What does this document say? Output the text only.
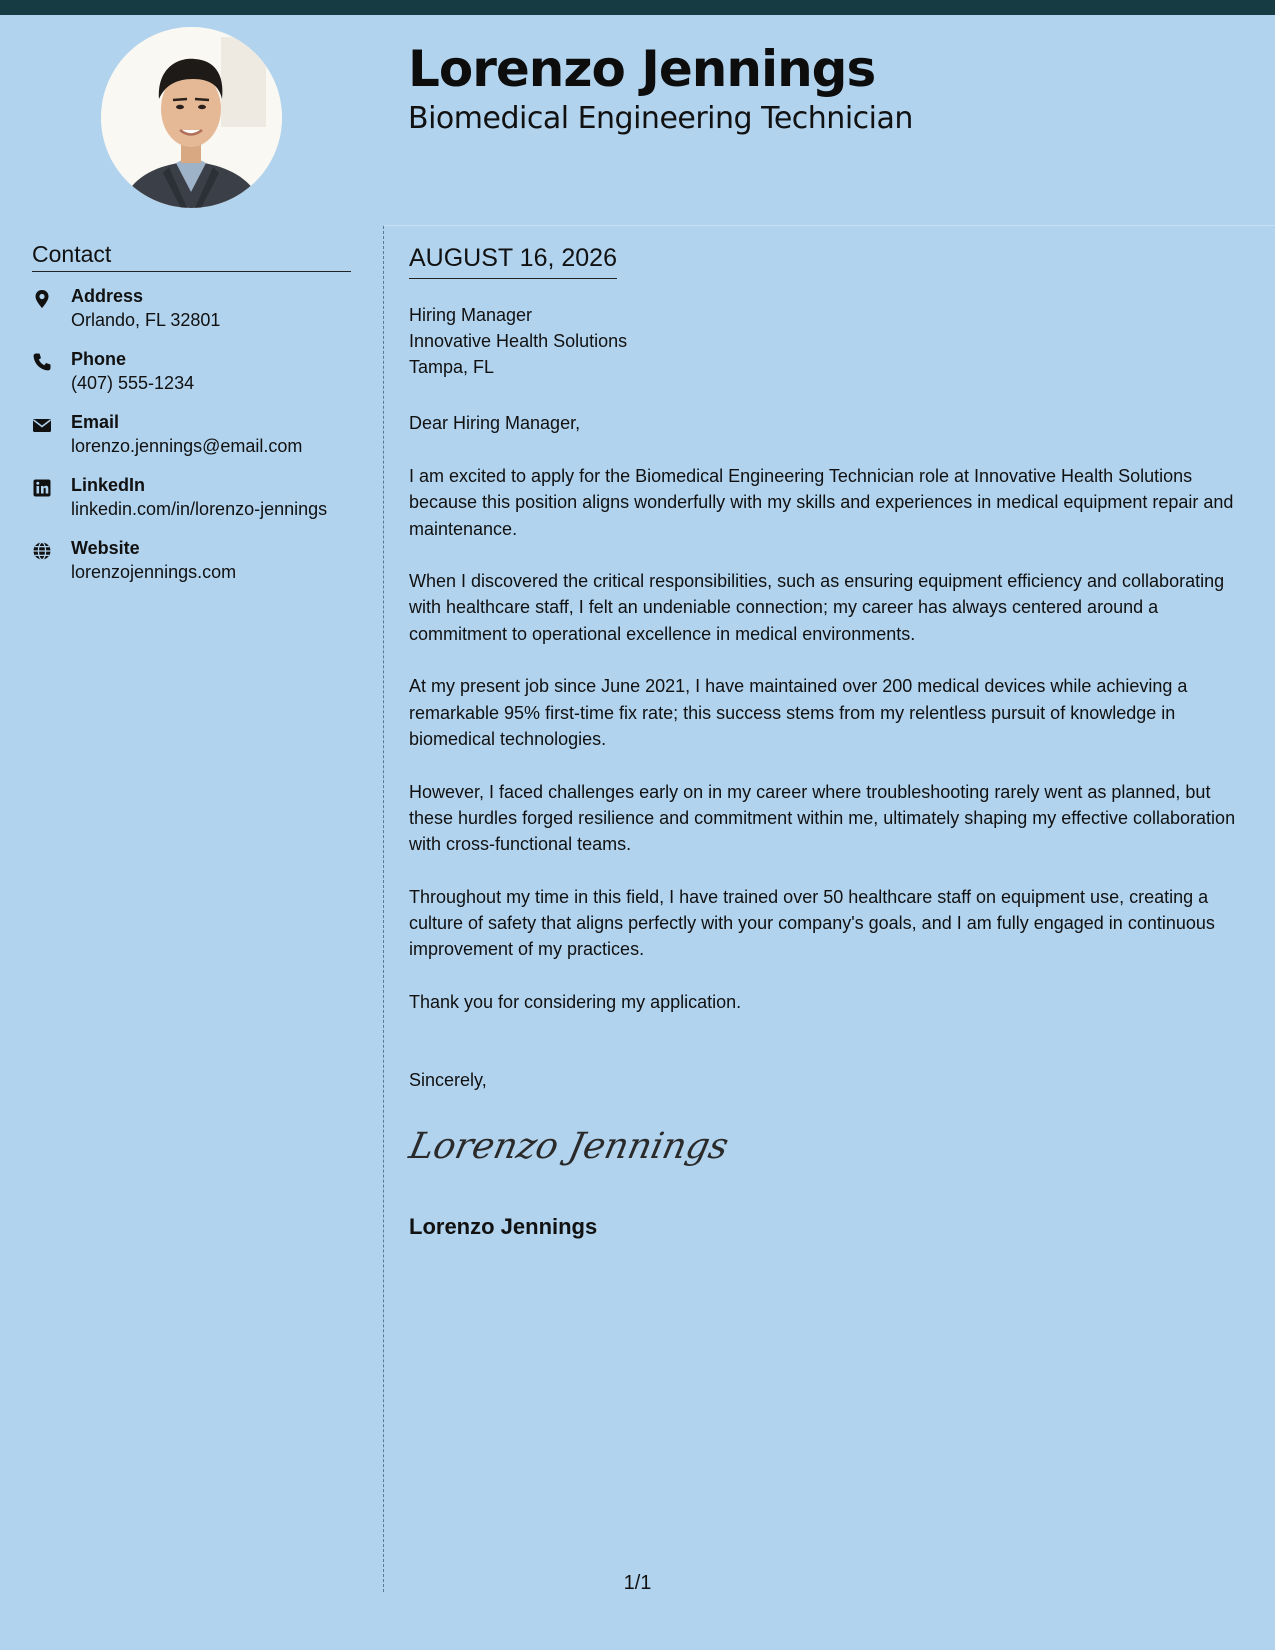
Lorenzo Jennings
Biomedical Engineering Technician
Contact
Address
Orlando, FL 32801
Phone
(407) 555-1234
Email
lorenzo.jennings@email.com
LinkedIn
linkedin.com/in/lorenzo-jennings
Website
lorenzojennings.com
AUGUST 16, 2026
Hiring Manager
Innovative Health Solutions
Tampa, FL
Dear Hiring Manager,

I am excited to apply for the Biomedical Engineering Technician role at Innovative Health Solutions because this position aligns wonderfully with my skills and experiences in medical equipment repair and maintenance.

When I discovered the critical responsibilities, such as ensuring equipment efficiency and collaborating with healthcare staff, I felt an undeniable connection; my career has always centered around a commitment to operational excellence in medical environments.

At my present job since June 2021, I have maintained over 200 medical devices while achieving a remarkable 95% first-time fix rate; this success stems from my relentless pursuit of knowledge in biomedical technologies.

However, I faced challenges early on in my career where troubleshooting rarely went as planned, but these hurdles forged resilience and commitment within me, ultimately shaping my effective collaboration with cross-functional teams.

Throughout my time in this field, I have trained over 50 healthcare staff on equipment use, creating a culture of safety that aligns perfectly with your company's goals, and I am fully engaged in continuous improvement of my practices.

Thank you for considering my application.

Sincerely,
Lorenzo Jennings
Lorenzo Jennings
1/1
